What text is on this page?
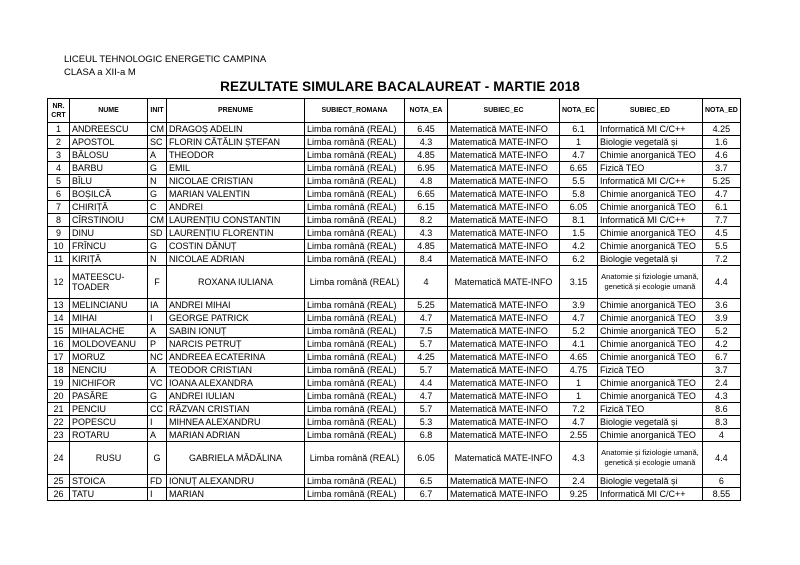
LICEUL TEHNOLOGIC ENERGETIC CAMPINA
CLASA a XII-a M
REZULTATE SIMULARE BACALAUREAT - MARTIE 2018
NR. CRT	NUME	INIT	PRENUME	SUBIECT_ROMANA	NOTA_EA	SUBIEC_EC	NOTA_EC	SUBIEC_ED	NOTA_ED
1	ANDREESCU	CM	DRAGOȘ ADELIN	Limba română (REAL)	6.45	Matematică MATE-INFO	6.1	Informatică MI C/C++	4.25
2	APOSTOL	SC	FLORIN CĂTĂLIN ȘTEFAN	Limba română (REAL)	4.3	Matematică MATE-INFO	1	Biologie vegetală și	1.6
3	BĂLOSU	A	THEODOR	Limba română (REAL)	4.85	Matematică MATE-INFO	4.7	Chimie anorganică TEO	4.6
4	BARBU	G	EMIL	Limba română (REAL)	6.95	Matematică MATE-INFO	6.65	Fizică TEO	3.7
5	BÎLU	N	NICOLAE CRISTIAN	Limba română (REAL)	4.8	Matematică MATE-INFO	5.5	Informatică MI C/C++	5.25
6	BOȘILCĂ	G	MARIAN VALENTIN	Limba română (REAL)	6.65	Matematică MATE-INFO	5.8	Chimie anorganică TEO	4.7
7	CHIRIȚĂ	C	ANDREI	Limba română (REAL)	6.15	Matematică MATE-INFO	6.05	Chimie anorganică TEO	6.1
8	CÎRSTINOIU	CM	LAURENȚIU CONSTANTIN	Limba română (REAL)	8.2	Matematică MATE-INFO	8.1	Informatică MI C/C++	7.7
9	DINU	SD	LAURENȚIU FLORENTIN	Limba română (REAL)	4.3	Matematică MATE-INFO	1.5	Chimie anorganică TEO	4.5
10	FRÎNCU	G	COSTIN DĂNUȚ	Limba română (REAL)	4.85	Matematică MATE-INFO	4.2	Chimie anorganică TEO	5.5
11	KIRIȚĂ	N	NICOLAE ADRIAN	Limba română (REAL)	8.4	Matematică MATE-INFO	6.2	Biologie vegetală și	7.2
12	MATEESCU-TOADER	F	ROXANA IULIANA	Limba română (REAL)	4	Matematică MATE-INFO	3.15	Anatomie și fiziologie umană, genetică și ecologie umană	4.4
13	MELINCIANU	IA	ANDREI MIHAI	Limba română (REAL)	5.25	Matematică MATE-INFO	3.9	Chimie anorganică TEO	3.6
14	MIHAI	I	GEORGE PATRICK	Limba română (REAL)	4.7	Matematică MATE-INFO	4.7	Chimie anorganică TEO	3.9
15	MIHALACHE	A	SABIN IONUȚ	Limba română (REAL)	7.5	Matematică MATE-INFO	5.2	Chimie anorganică TEO	5.2
16	MOLDOVEANU	P	NARCIS PETRUȚ	Limba română (REAL)	5.7	Matematică MATE-INFO	4.1	Chimie anorganică TEO	4.2
17	MORUZ	NC	ANDREEA ECATERINA	Limba română (REAL)	4.25	Matematică MATE-INFO	4.65	Chimie anorganică TEO	6.7
18	NENCIU	A	TEODOR CRISTIAN	Limba română (REAL)	5.7	Matematică MATE-INFO	4.75	Fizică TEO	3.7
19	NICHIFOR	VC	IOANA ALEXANDRA	Limba română (REAL)	4.4	Matematică MATE-INFO	1	Chimie anorganică TEO	2.4
20	PASĂRE	G	ANDREI IULIAN	Limba română (REAL)	4.7	Matematică MATE-INFO	1	Chimie anorganică TEO	4.3
21	PENCIU	CC	RĂZVAN CRISTIAN	Limba română (REAL)	5.7	Matematică MATE-INFO	7.2	Fizică TEO	8.6
22	POPESCU	I	MIHNEA ALEXANDRU	Limba română (REAL)	5.3	Matematică MATE-INFO	4.7	Biologie vegetală și	8.3
23	ROTARU	A	MARIAN ADRIAN	Limba română (REAL)	6.8	Matematică MATE-INFO	2.55	Chimie anorganică TEO	4
24	RUSU	G	GABRIELA MĂDĂLINA	Limba română (REAL)	6.05	Matematică MATE-INFO	4.3	Anatomie și fiziologie umană, genetică și ecologie umană	4.4
25	STOICA	FD	IONUȚ ALEXANDRU	Limba română (REAL)	6.5	Matematică MATE-INFO	2.4	Biologie vegetală și	6
26	TATU	I	MARIAN	Limba română (REAL)	6.7	Matematică MATE-INFO	9.25	Informatică MI C/C++	8.55
